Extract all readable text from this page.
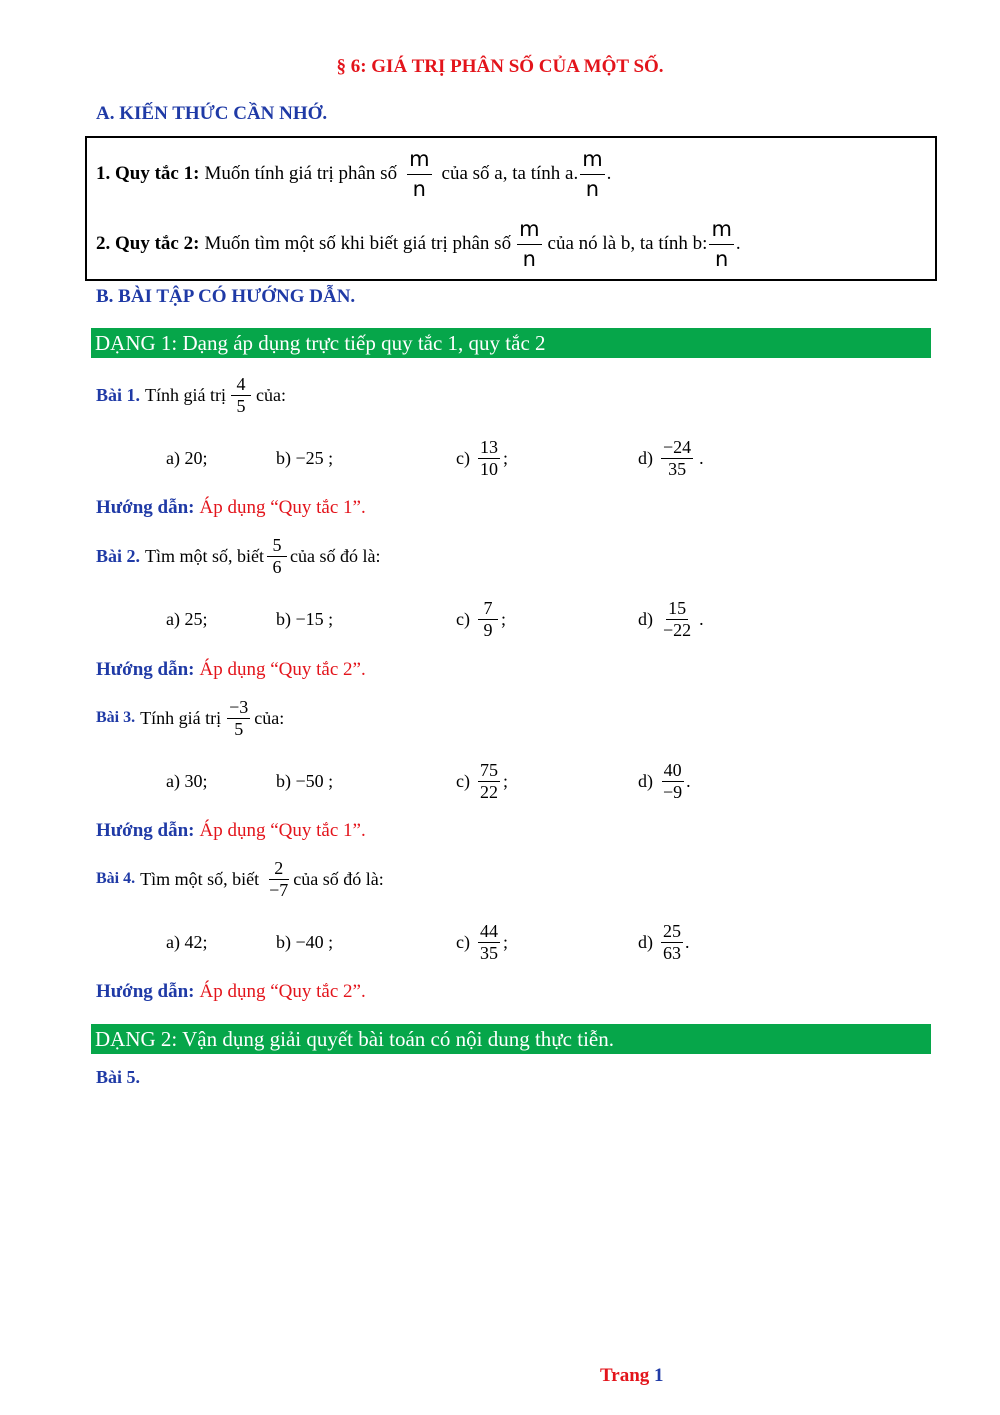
§ 6: GIÁ TRỊ PHÂN SỐ CỦA MỘT SỐ.
A. KIẾN THỨC CẦN NHỚ.
1. Quy tắc 1: Muốn tính giá trị phân số $\frac{m}{n}$ của số a, ta tính a. $\frac{m}{n}$ .
2. Quy tắc 2: Muốn tìm một số khi biết giá trị phân số $\frac{m}{n}$ của nó là b, ta tính b: $\frac{m}{n}$ .
B. BÀI TẬP CÓ HƯỚNG DẪN.
DẠNG 1: Dạng áp dụng trực tiếp quy tắc 1, quy tắc 2
Bài 1. Tính giá trị $\frac{4}{5}$ của:
a) 20;	b) −25 ;	$c) \frac{13}{10}$ ;	$d) \frac{-24}{35}$ .
Hướng dẫn: Áp dụng “Quy tắc 1”.
Bài 2. Tìm một số, biết $\frac{5}{6}$ của số đó là:
a) 25;	b) −15 ;	$c) \frac{7}{9}$ ;	$d) \frac{15}{-22}$ .
Hướng dẫn: Áp dụng “Quy tắc 2”.
Bài 3. Tính giá trị $\frac{-3}{5}$ của:
a) 30;	b) −50 ;	$c) \frac{75}{22}$ ;	$d) \frac{40}{-9}$ .
Hướng dẫn: Áp dụng “Quy tắc 1”.
Bài 4. Tìm một số, biết $\frac{2}{-7}$ của số đó là:
a) 42;	b) −40 ;	$c) \frac{44}{35}$ ;	$d) \frac{25}{63}$ .
Hướng dẫn: Áp dụng “Quy tắc 2”.
DẠNG 2: Vận dụng giải quyết bài toán có nội dung thực tiễn.
Bài 5.
Trang 1
